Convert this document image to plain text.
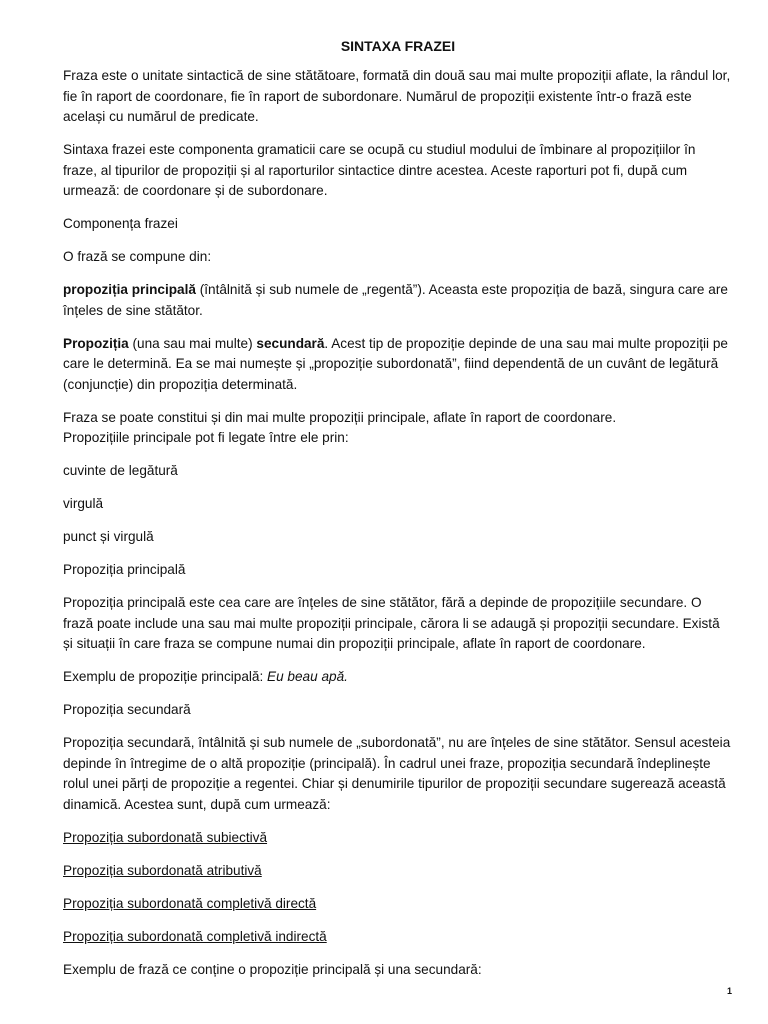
SINTAXA FRAZEI

Fraza este o unitate sintactică de sine stătătoare, formată din două sau mai multe propoziții aflate, la rândul lor, fie în raport de coordonare, fie în raport de subordonare. Numărul de propoziții existente într-o frază este același cu numărul de predicate.

Sintaxa frazei este componenta gramaticii care se ocupă cu studiul modului de îmbinare al propozițiilor în fraze, al tipurilor de propoziții și al raporturilor sintactice dintre acestea. Aceste raporturi pot fi, după cum urmează: de coordonare și de subordonare.

Componența frazei

O frază se compune din:

propoziția principală (întâlnită și sub numele de „regentă”). Aceasta este propoziția de bază, singura care are înțeles de sine stătător.

Propoziția (una sau mai multe) secundară. Acest tip de propoziție depinde de una sau mai multe propoziții pe care le determină. Ea se mai numește și „propoziție subordonată”, fiind dependentă de un cuvânt de legătură (conjuncție) din propoziția determinată.

Fraza se poate constitui și din mai multe propoziții principale, aflate în raport de coordonare.
Propozițiile principale pot fi legate între ele prin:

cuvinte de legătură

virgulă

punct și virgulă

Propoziția principală

Propoziția principală este cea care are înțeles de sine stătător, fără a depinde de propozițiile secundare. O frază poate include una sau mai multe propoziții principale, cărora li se adaugă și propoziții secundare. Există și situații în care fraza se compune numai din propoziții principale, aflate în raport de coordonare.

Exemplu de propoziție principală: Eu beau apă.

Propoziția secundară

Propoziția secundară, întâlnită și sub numele de „subordonată”, nu are înțeles de sine stătător. Sensul acesteia depinde în întregime de o altă propoziție (principală). În cadrul unei fraze, propoziția secundară îndeplinește rolul unei părți de propoziție a regentei. Chiar și denumirile tipurilor de propoziții secundare sugerează această dinamică. Acestea sunt, după cum urmează:

Propoziția subordonată subiectivă

Propoziția subordonată atributivă

Propoziția subordonată completivă directă

Propoziția subordonată completivă indirectă

Exemplu de frază ce conține o propoziție principală și una secundară:

1
